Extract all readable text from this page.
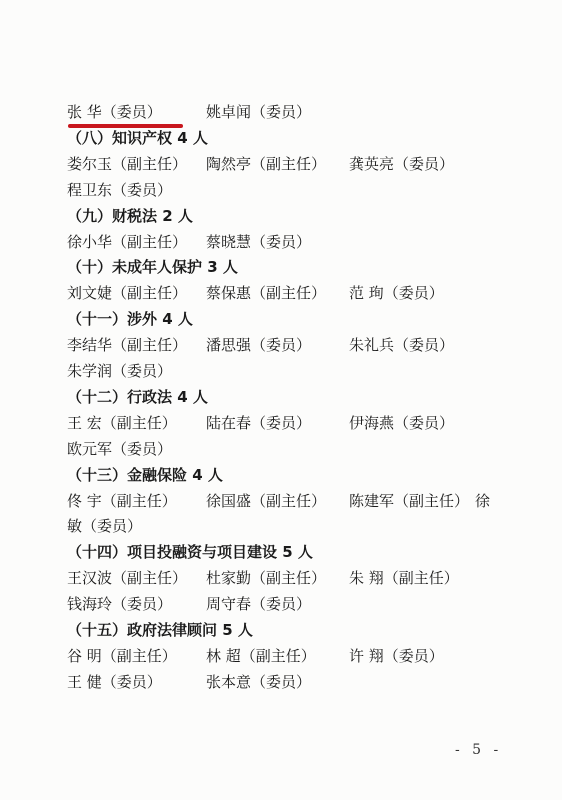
张 华（委员）	姚卓闻（委员）
（八）知识产权 4 人
娄尔玉（副主任） 陶然亭（副主任） 龚英亮（委员）
程卫东（委员）
（九）财税法 2 人
徐小华（副主任） 蔡晓慧（委员）
（十）未成年人保护 3 人
刘文婕（副主任） 蔡保惠（副主任） 范 珣（委员）
（十一）涉外 4 人
李结华（副主任） 潘思强（委员）	朱礼兵（委员）
朱学润（委员）
（十二）行政法 4 人
王 宏（副主任） 陆在春（委员）	伊海燕（委员）
欧元军（委员）
（十三）金融保险 4 人
佟 宇（副主任） 徐国盛（副主任） 陈建军（副主任） 徐
敏（委员）
（十四）项目投融资与项目建设 5 人
王汉波（副主任） 杜家勤（副主任） 朱 翔（副主任）
钱海玲（委员） 周守春（委员）
（十五）政府法律顾问 5 人
谷 明（副主任） 林 超（副主任） 许 翔（委员）
王 健（委员）	张本意（委员）
- 5 -
